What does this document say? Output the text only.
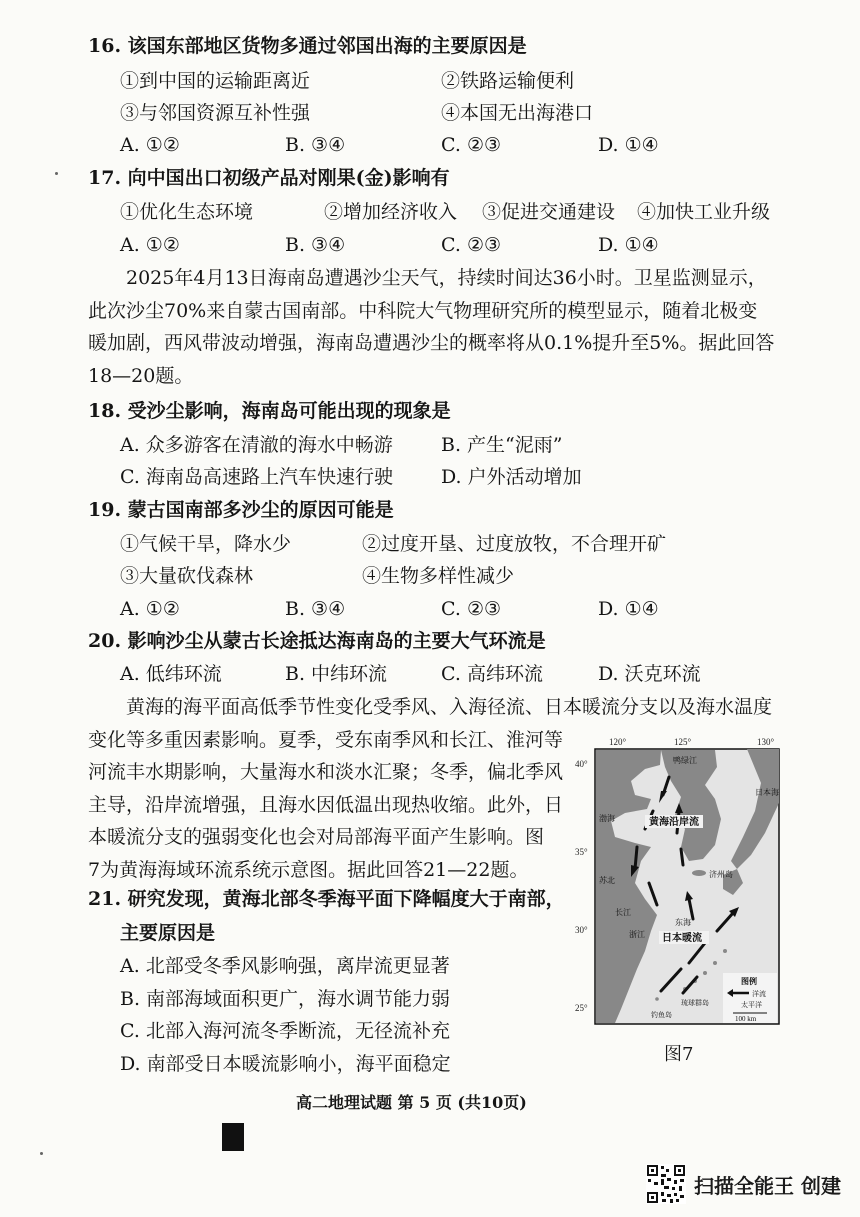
16. 该国东部地区货物多通过邻国出海的主要原因是
①到中国的运输距离近	②铁路运输便利
③与邻国资源互补性强	④本国无出海港口
A. ①②	B. ③④	C. ②③	D. ①④
17. 向中国出口初级产品对刚果(金)影响有
①优化生态环境	②增加经济收入 ③促进交通建设 ④加快工业升级
A. ①②	B. ③④	C. ②③	D. ①④
2025年4月13日海南岛遭遇沙尘天气，持续时间达36小时。卫星监测显示，
此次沙尘70%来自蒙古国南部。中科院大气物理研究所的模型显示，随着北极变
暖加剧，西风带波动增强，海南岛遭遇沙尘的概率将从0.1%提升至5%。据此回答
18—20题。
18. 受沙尘影响，海南岛可能出现的现象是
A. 众多游客在清澈的海水中畅游	B. 产生“泥雨”
C. 海南岛高速路上汽车快速行驶	D. 户外活动增加
19. 蒙古国南部多沙尘的原因可能是
①气候干旱，降水少	②过度开垦、过度放牧，不合理开矿
③大量砍伐森林	④生物多样性减少
A. ①②	B. ③④	C. ②③	D. ①④
20. 影响沙尘从蒙古长途抵达海南岛的主要大气环流是
A. 低纬环流	B. 中纬环流	C. 高纬环流	D. 沃克环流
黄海的海平面高低季节性变化受季风、入海径流、日本暖流分支以及海水温度
变化等多重因素影响。夏季，受东南季风和长江、淮河等
河流丰水期影响，大量海水和淡水汇聚；冬季，偏北季风
主导，沿岸流增强，且海水因低温出现热收缩。此外，日
本暖流分支的强弱变化也会对局部海平面产生影响。图
7为黄海海域环流系统示意图。据此回答21—22题。
21. 研究发现，黄海北部冬季海平面下降幅度大于南部，
主要原因是
A. 北部受冬季风影响强，离岸流更显著
B. 南部海域面积更广，海水调节能力弱
C. 北部入海河流冬季断流，无径流补充
D. 南部受日本暖流影响小，海平面稳定
120°	125°	130°
40°
35°
30°
25°
鸭绿江
日本海
渤海	黄海沿岸流
济州岛
苏北
长江
浙江
东海
日本暖流
琉球群岛
钓鱼岛
图例
洋流
太平洋
100 km
图7
高二地理试题 第 5 页 (共10页)
扫描全能王 创建
